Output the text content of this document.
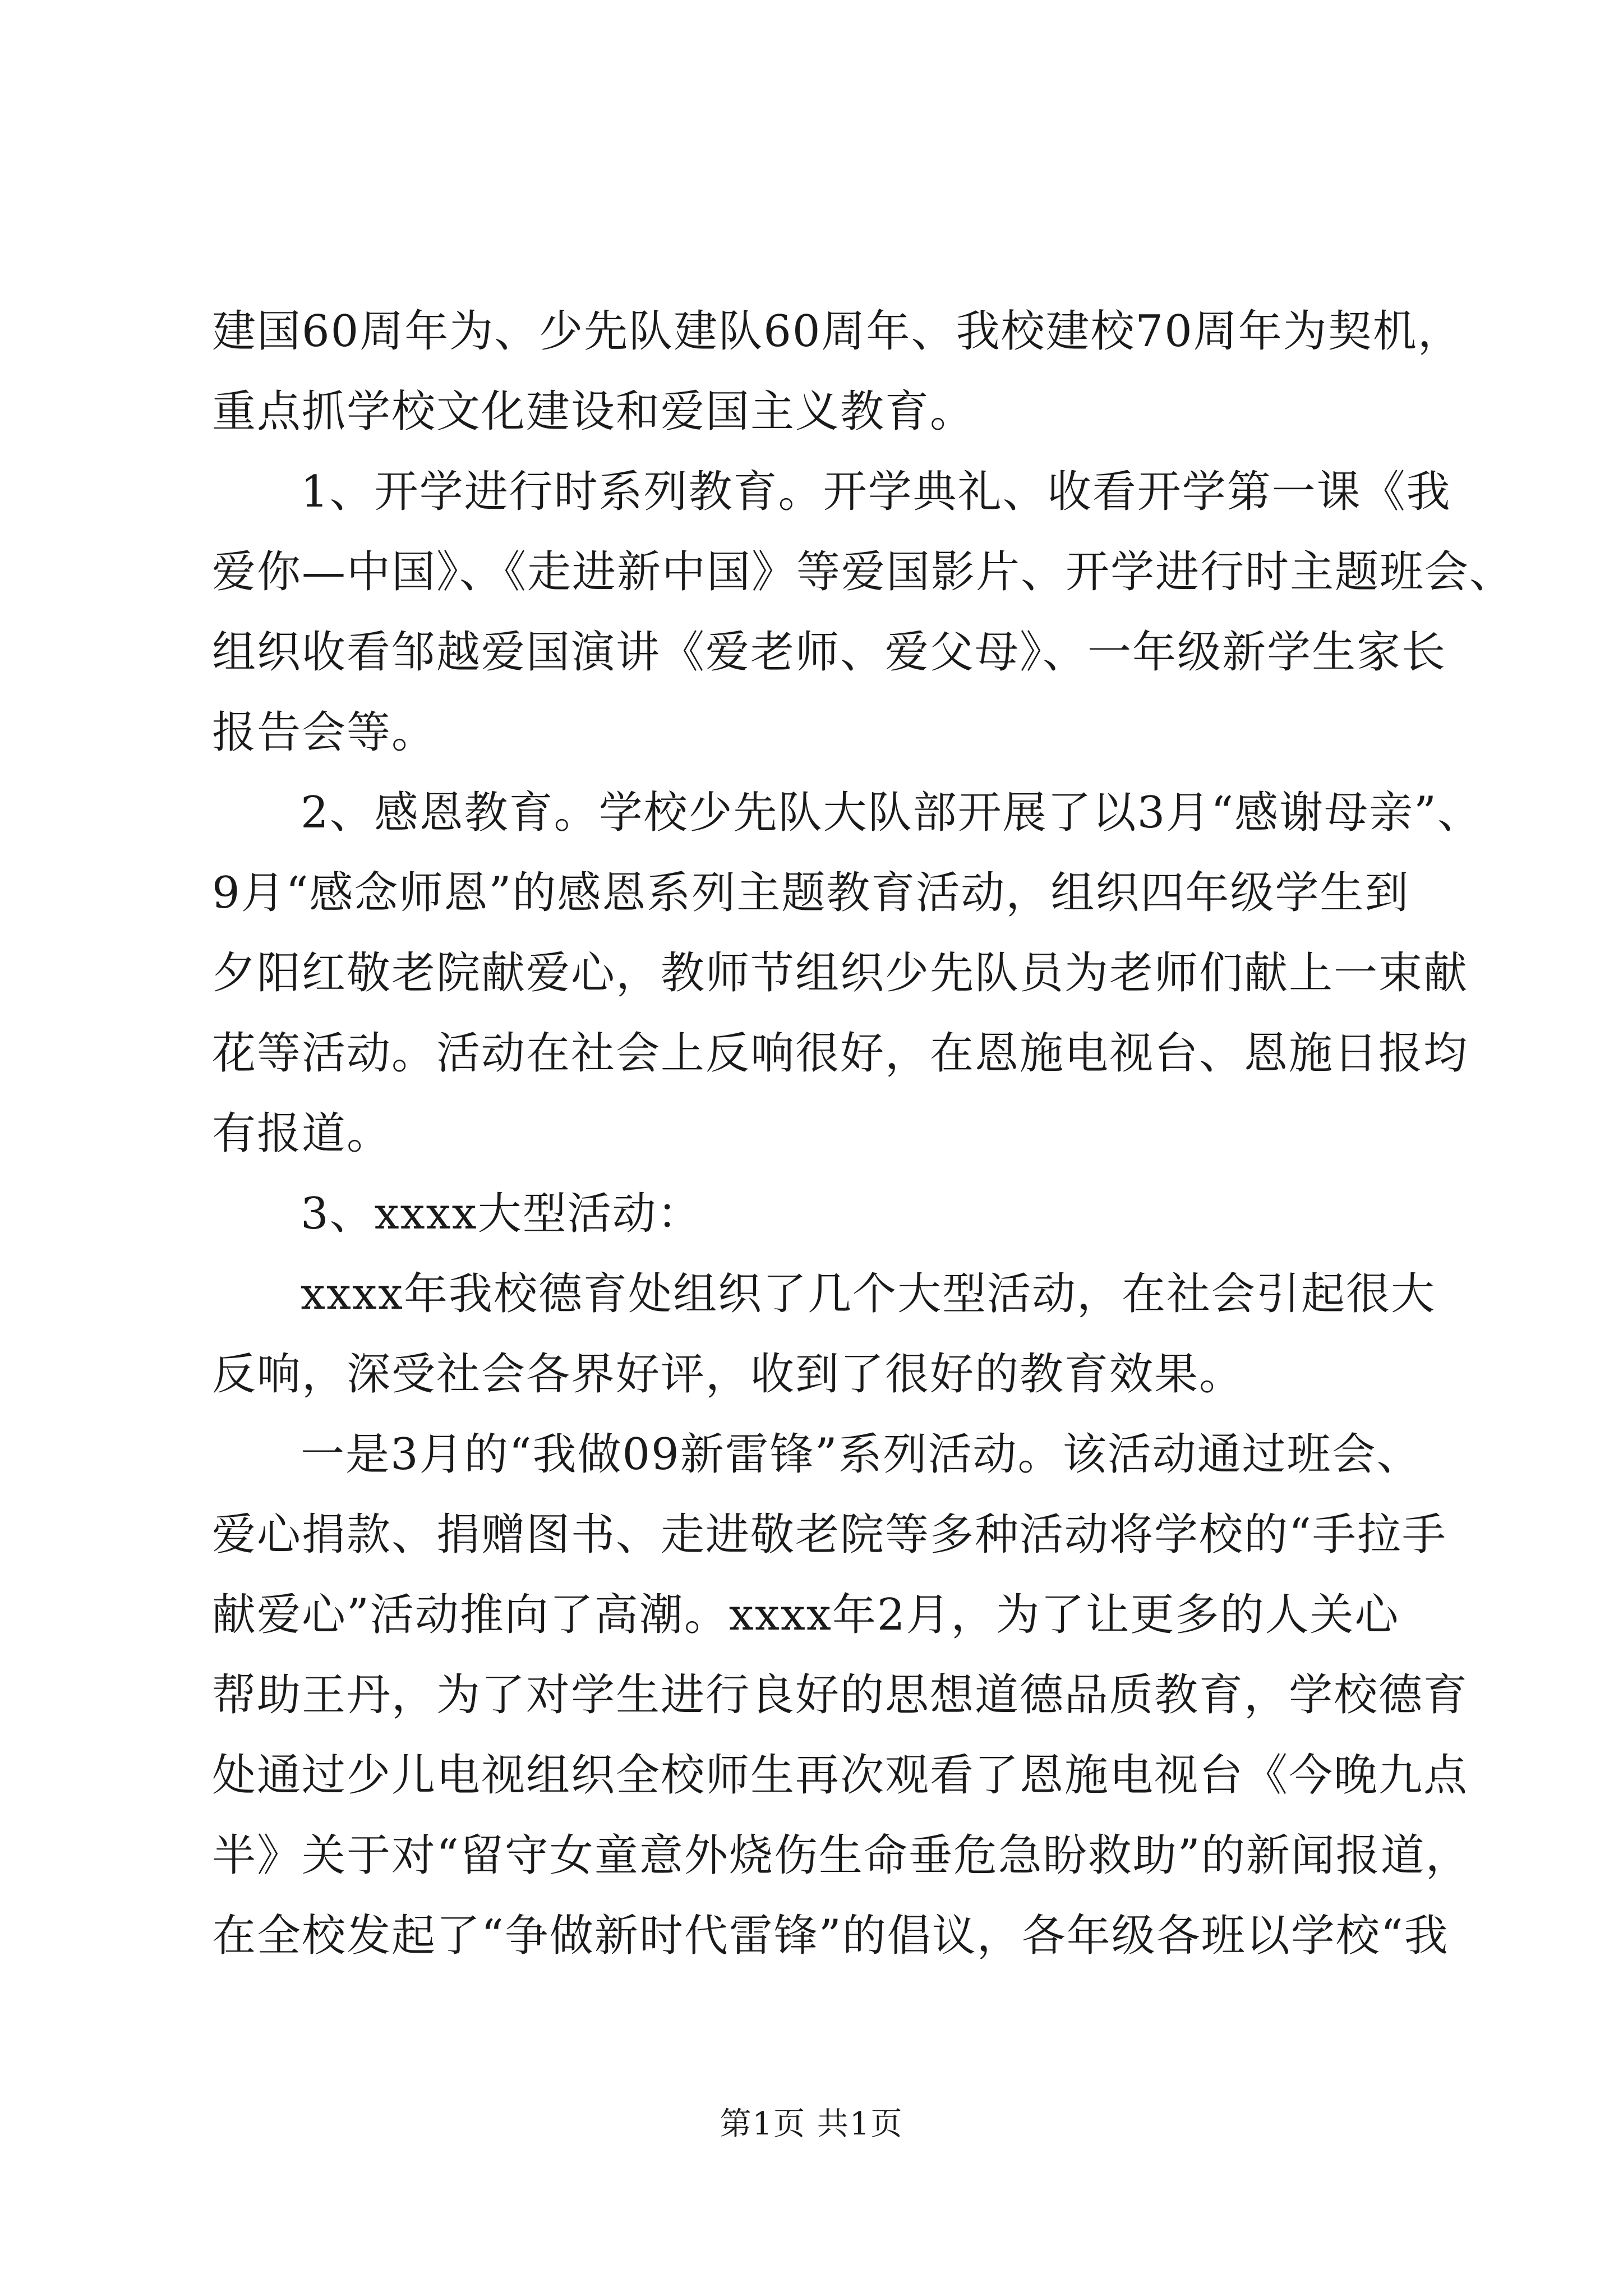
建国60周年为、少先队建队60周年、我校建校70周年为契机，
重点抓学校文化建设和爱国主义教育。
1、开学进行时系列教育。开学典礼、收看开学第一课《我
爱你—中国》、《走进新中国》等爱国影片、开学进行时主题班会、
组织收看邹越爱国演讲《爱老师、爱父母》、一年级新学生家长
报告会等。
2、感恩教育。学校少先队大队部开展了以3月“感谢母亲”、
9月“感念师恩”的感恩系列主题教育活动，组织四年级学生到
夕阳红敬老院献爱心，教师节组织少先队员为老师们献上一束献
花等活动。活动在社会上反响很好，在恩施电视台、恩施日报均
有报道。
3、xxxx大型活动：
xxxx年我校德育处组织了几个大型活动，在社会引起很大
反响，深受社会各界好评，收到了很好的教育效果。
一是3月的“我做09新雷锋”系列活动。该活动通过班会、
爱心捐款、捐赠图书、走进敬老院等多种活动将学校的“手拉手
献爱心”活动推向了高潮。xxxx年2月，为了让更多的人关心
帮助王丹，为了对学生进行良好的思想道德品质教育，学校德育
处通过少儿电视组织全校师生再次观看了恩施电视台《今晚九点
半》关于对“留守女童意外烧伤生命垂危急盼救助”的新闻报道，
在全校发起了“争做新时代雷锋”的倡议，各年级各班以学校“我
第1页 共1页
